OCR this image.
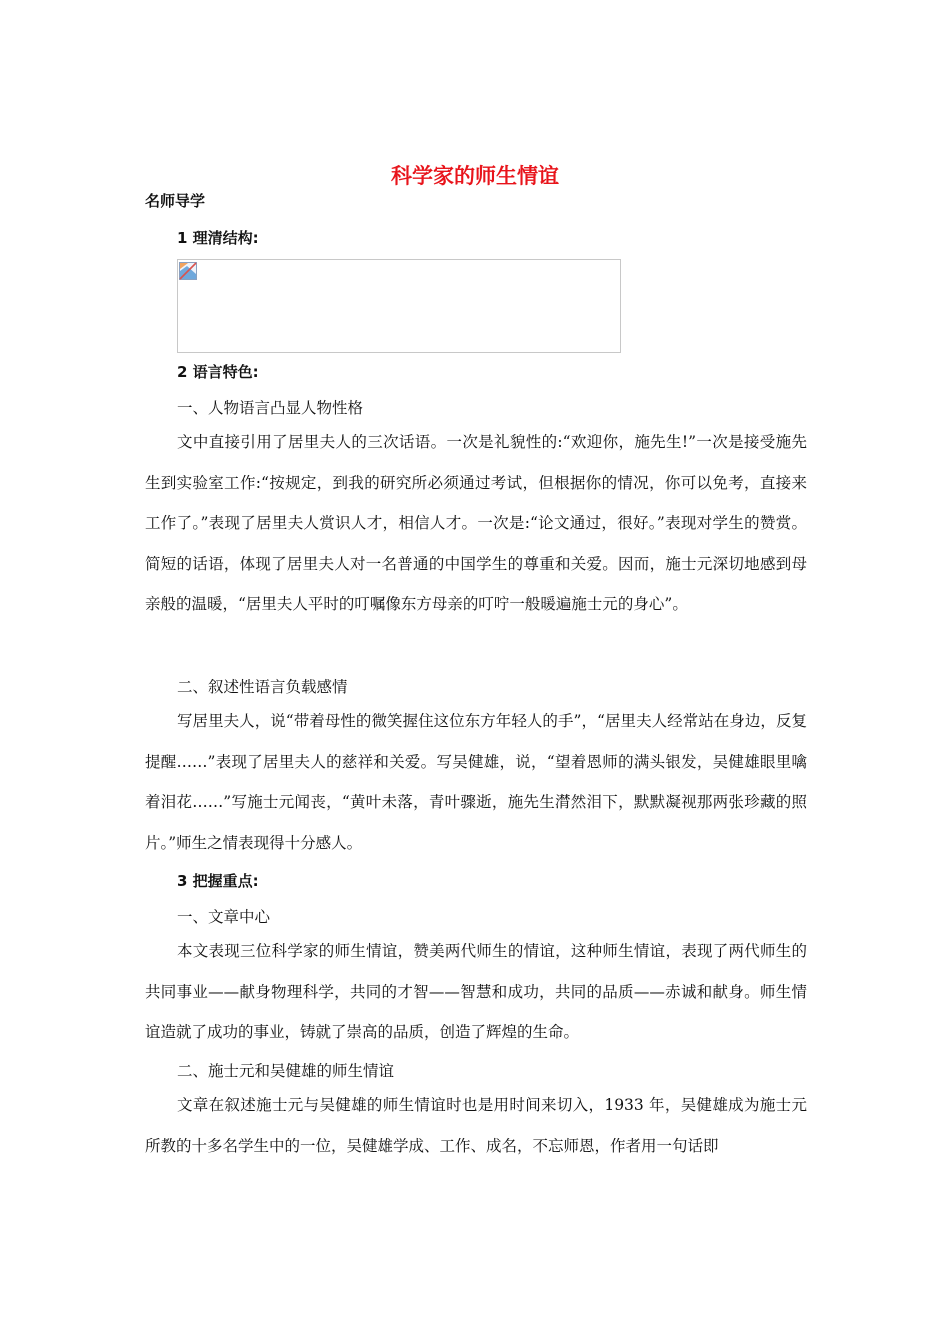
科学家的师生情谊
名师导学
1 理清结构:
2 语言特色:
一、人物语言凸显人物性格

文中直接引用了居里夫人的三次话语。一次是礼貌性的:“欢迎你，施先生!”一次是接受施先生到实验室工作:“按规定，到我的研究所必须通过考试，但根据你的情况，你可以免考，直接来工作了。”表现了居里夫人赏识人才，相信人才。一次是:“论文通过，很好。”表现对学生的赞赏。简短的话语，体现了居里夫人对一名普通的中国学生的尊重和关爱。因而，施士元深切地感到母亲般的温暖，“居里夫人平时的叮嘱像东方母亲的叮咛一般暖遍施士元的身心”。

二、叙述性语言负载感情

写居里夫人，说“带着母性的微笑握住这位东方年轻人的手”，“居里夫人经常站在身边，反复提醒……”表现了居里夫人的慈祥和关爱。写吴健雄，说，“望着恩师的满头银发，吴健雄眼里噙着泪花……”写施士元闻丧，“黄叶未落，青叶骤逝，施先生潸然泪下，默默凝视那两张珍藏的照片。”师生之情表现得十分感人。

3 把握重点:
一、文章中心

本文表现三位科学家的师生情谊，赞美两代师生的情谊，这种师生情谊，表现了两代师生的共同事业——献身物理科学，共同的才智——智慧和成功，共同的品质——赤诚和献身。师生情谊造就了成功的事业，铸就了崇高的品质，创造了辉煌的生命。

二、施士元和吴健雄的师生情谊

文章在叙述施士元与吴健雄的师生情谊时也是用时间来切入，1933 年，吴健雄成为施士元所教的十多名学生中的一位，吴健雄学成、工作、成名，不忘师恩，作者用一句话即
